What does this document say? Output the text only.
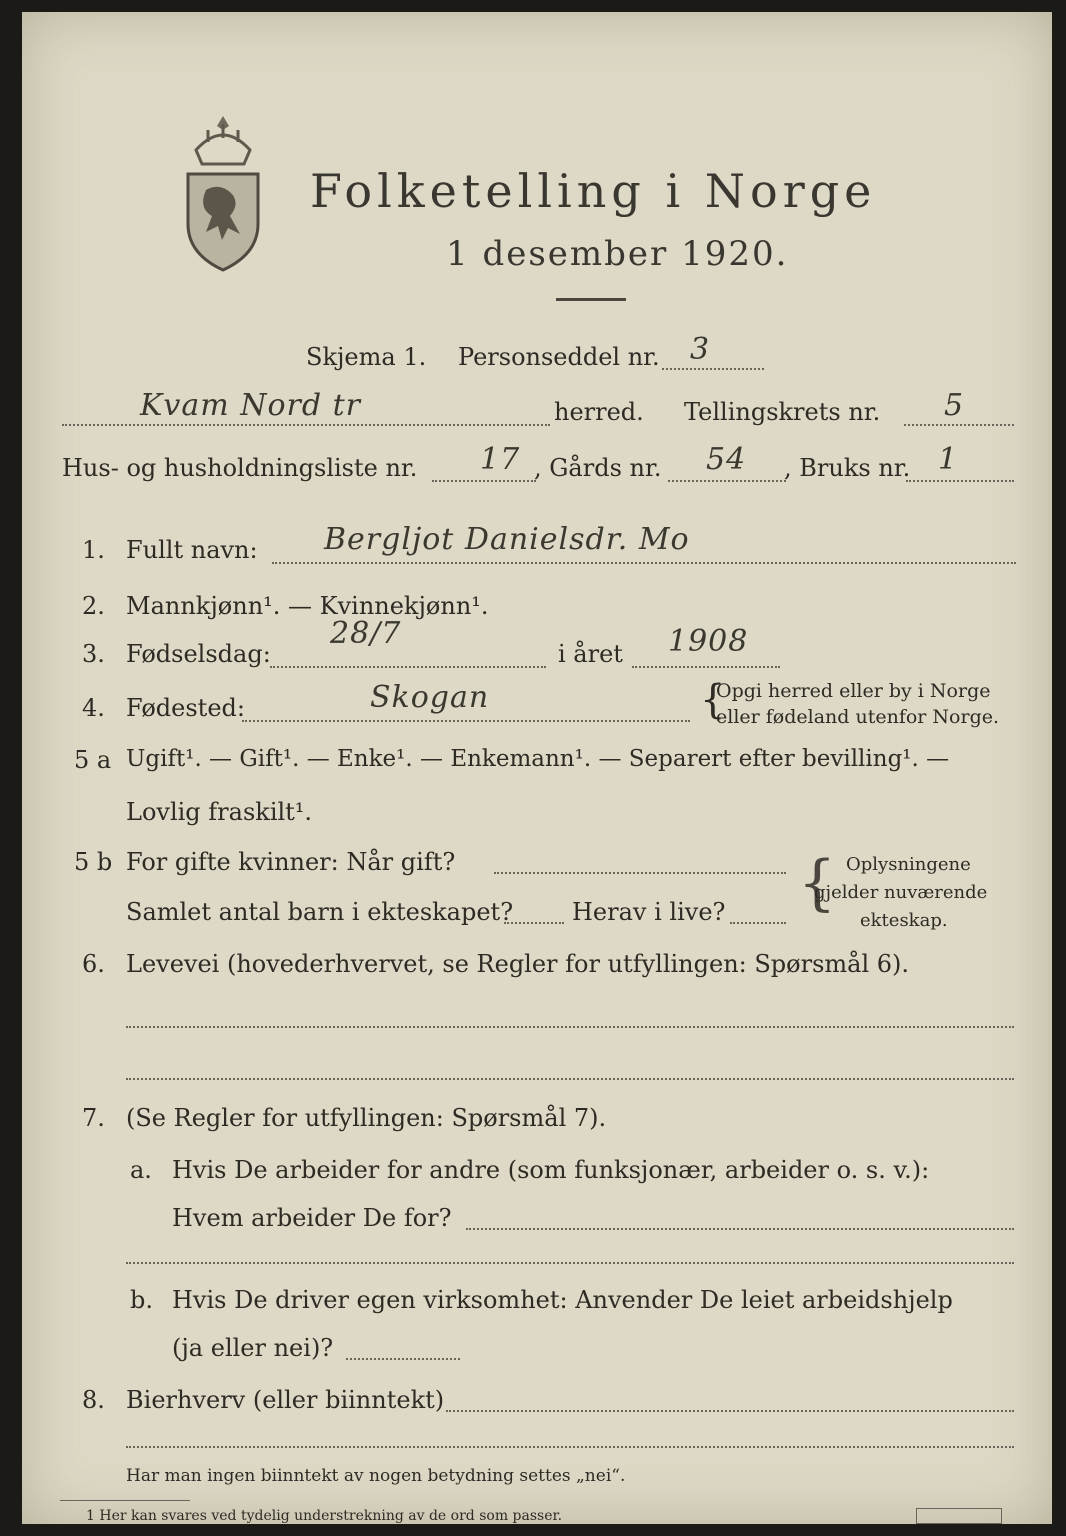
Folketelling i Norge
1 desember 1920.
Skjema 1. Personseddel nr. 3
Kvam Nord tr	herred. Tellingskrets nr. 5
Hus- og husholdningsliste nr. 17 , Gårds nr. 54 , Bruks nr. 1
1. Fullt navn: Bergljot Danielsdr. Mo
2. Mannkjønn¹. — Kvinnekjønn¹.
3. Fødselsdag:
28/7
i året 1908
4. Fødested:	Skogan	{
Opgi herred eller by i Norge
eller fødeland utenfor Norge.
5 a Ugift¹. — Gift¹. — Enke¹. — Enkemann¹. — Separert efter bevilling¹. —
Lovlig fraskilt¹.
5 b For gifte kvinner: Når gift?
Samlet antal barn i ekteskapet? Herav i live? { Oplysningene
gjelder nuværende
ekteskap.
6. Levevei (hovederhvervet, se Regler for utfyllingen: Spørsmål 6).
7. (Se Regler for utfyllingen: Spørsmål 7).
a. Hvis De arbeider for andre (som funksjonær, arbeider o. s. v.):
Hvem arbeider De for?
b. Hvis De driver egen virksomhet: Anvender De leiet arbeidshjelp
(ja eller nei)?
8. Bierhverv (eller biinntekt)
Har man ingen biinntekt av nogen betydning settes „nei“.
1 Her kan svares ved tydelig understrekning av de ord som passer.
